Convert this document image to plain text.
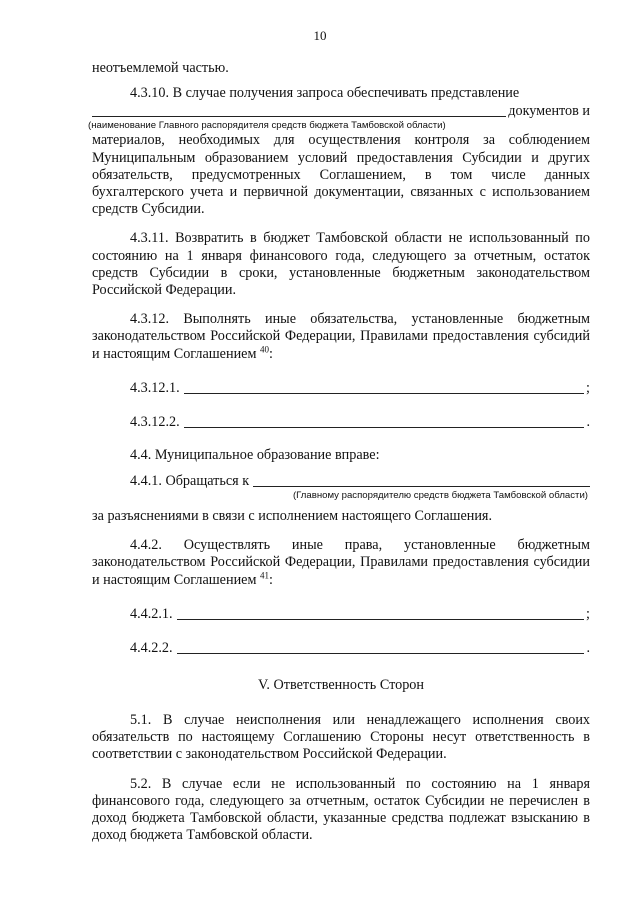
10

неотъемлемой частью.

4.3.10. В случае получения запроса обеспечивать представление

документов и
(наименование Главного распорядителя средств бюджета Тамбовской области)

материалов, необходимых для осуществления контроля за соблюдением Муниципальным образованием условий предоставления Субсидии и других обязательств, предусмотренных Соглашением, в том числе данных бухгалтерского учета и первичной документации, связанных с использованием средств Субсидии.

4.3.11. Возвратить в бюджет Тамбовской области не использованный по состоянию на 1 января финансового года, следующего за отчетным, остаток средств Субсидии в сроки, установленные бюджетным законодательством Российской Федерации.

4.3.12. Выполнять иные обязательства, установленные бюджетным законодательством Российской Федерации, Правилами предоставления субсидий и настоящим Соглашением $^{40}$:

4.3.12.1.	;
4.3.12.2.	.

4.4. Муниципальное образование вправе:

4.4.1. Обращаться к
(Главному распорядителю средств бюджета Тамбовской области)

за разъяснениями в связи с исполнением настоящего Соглашения.

4.4.2. Осуществлять иные права, установленные бюджетным законодательством Российской Федерации, Правилами предоставления субсидии и настоящим Соглашением $^{41}$:

4.4.2.1.	;
4.4.2.2.	.
V. Ответственность Сторон

5.1. В случае неисполнения или ненадлежащего исполнения своих обязательств по настоящему Соглашению Стороны несут ответственность в соответствии с законодательством Российской Федерации.

5.2. В случае если не использованный по состоянию на 1 января финансового года, следующего за отчетным, остаток Субсидии не перечислен в доход бюджета Тамбовской области, указанные средства подлежат взысканию в доход бюджета Тамбовской области.
